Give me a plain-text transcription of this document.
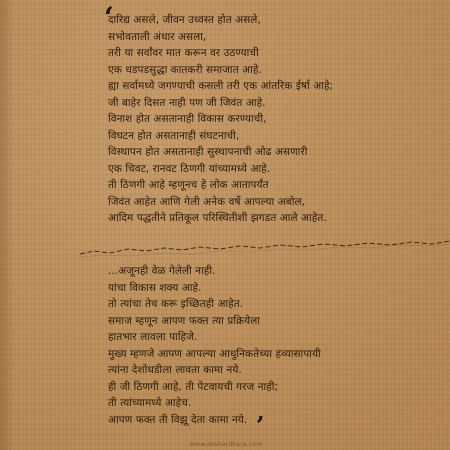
‘
दारिद्य असले, जीवन उध्वस्त होत असले,
सभोवताली अंधार असला,
तरी या सर्वांवर मात करून वर उठण्याची
एक धडपडसुद्धा कातकरी समाजात आहे.
ह्या सर्वामध्ये जगण्याची कसली तरी एक आंतरिक ईर्षा आहे;
जी बाहेर दिसत नाही पण जी जिवंत आहे.
विनाश होत असतानाही विकास करण्याची,
विघटन होत असतानाही संघटनाची,
विस्थापन होत असतानाही सुस्थापनाची ओढ असणारी
एक चिवट, रानवट ठिणगी यांच्यामध्ये आहे.
ती ठिणगी आहे म्हणूनच हे लोक आतापर्यंत
जिवंत आहेत आणि गेली अनेक वर्षे आपल्या अबोल,
आदिम पद्धतीने प्रतिकूल परिस्थितीशी झगडत आले आहेत.
...अजूनही वेळ गेलेली नाही.
यांचा विकास शक्य आहे.
तो त्यांचा तेच करू इच्छितही आहेत.
समाज म्हणून आपण फक्त त्या प्रक्रियेला
हातभार लावला पाहिजे.
मुख्य म्हणजे आपण आपल्या आधुनिकतेच्या हव्यासापायी
त्यांना देशोधडीला लावता कामा नये.
ही जी ठिणगी आहे, ती पेटवायची गरज नाही;
ती त्यांच्यामध्ये आहेच.
आपण फक्त ती विझू देता कामा नये. ’
www.akshardhara.com
